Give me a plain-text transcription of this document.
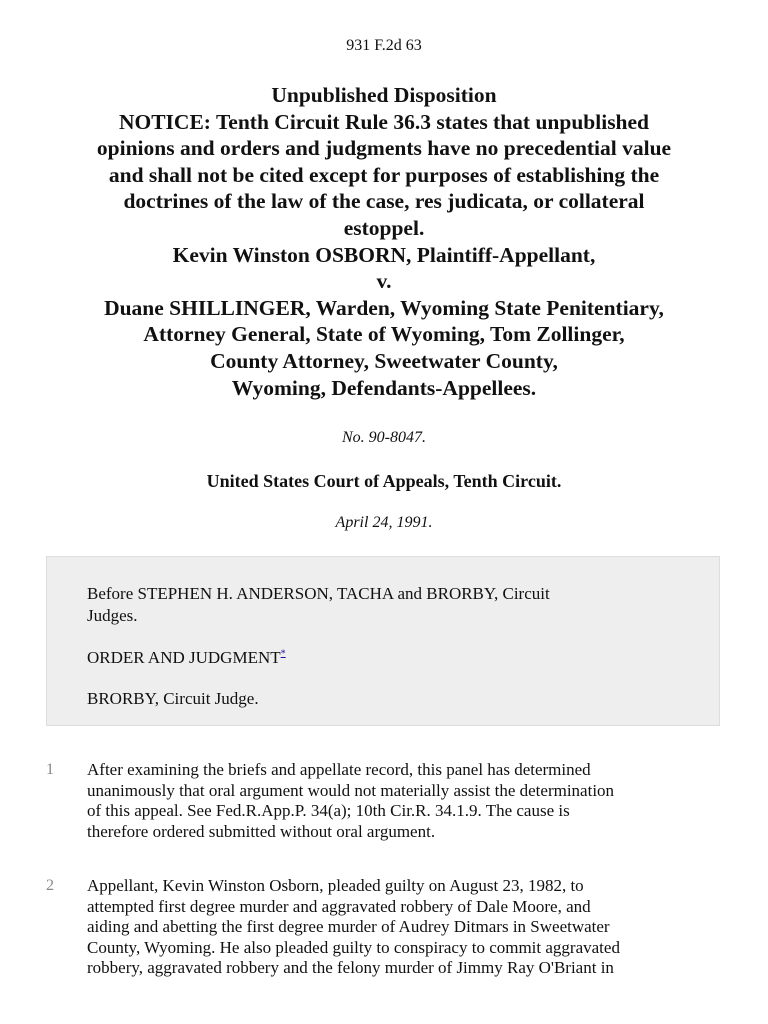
931 F.2d 63
Unpublished Disposition
NOTICE: Tenth Circuit Rule 36.3 states that unpublished
opinions and orders and judgments have no precedential value
and shall not be cited except for purposes of establishing the
doctrines of the law of the case, res judicata, or collateral
estoppel.
Kevin Winston OSBORN, Plaintiff-Appellant,
v.
Duane SHILLINGER, Warden, Wyoming State Penitentiary,
Attorney General, State of Wyoming, Tom Zollinger,
County Attorney, Sweetwater County,
Wyoming, Defendants-Appellees.
No. 90-8047.
United States Court of Appeals, Tenth Circuit.
April 24, 1991.
Before STEPHEN H. ANDERSON, TACHA and BRORBY, Circuit
Judges.
ORDER AND JUDGMENT*
BRORBY, Circuit Judge.
1 After examining the briefs and appellate record, this panel has determined
unanimously that oral argument would not materially assist the determination
of this appeal. See Fed.R.App.P. 34(a); 10th Cir.R. 34.1.9. The cause is
therefore ordered submitted without oral argument.
2 Appellant, Kevin Winston Osborn, pleaded guilty on August 23, 1982, to
attempted first degree murder and aggravated robbery of Dale Moore, and
aiding and abetting the first degree murder of Audrey Ditmars in Sweetwater
County, Wyoming. He also pleaded guilty to conspiracy to commit aggravated
robbery, aggravated robbery and the felony murder of Jimmy Ray O'Briant in
